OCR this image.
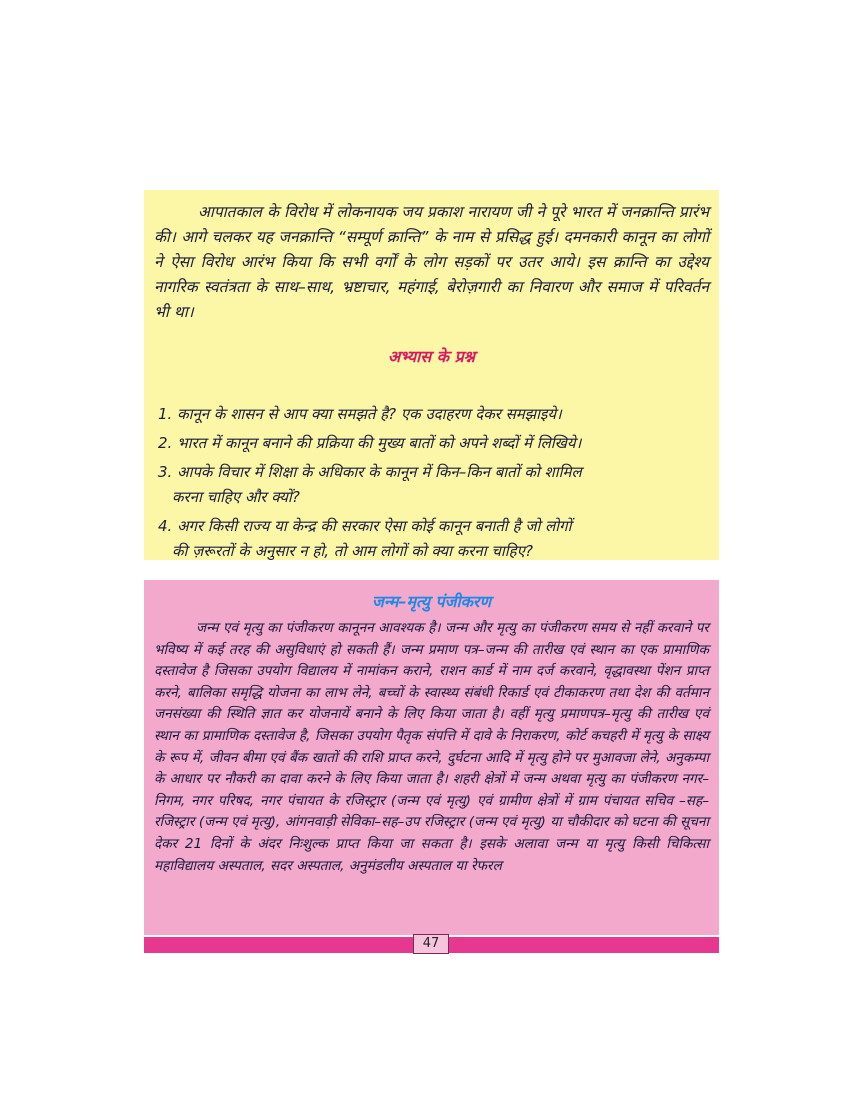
आपातकाल के विरोध में लोकनायक जय प्रकाश नारायण जी ने पूरे भारत में जनक्रान्ति प्रारंभ की। आगे चलकर यह जनक्रान्ति “सम्पूर्ण क्रान्ति” के नाम से प्रसिद्ध हुई। दमनकारी कानून का लोगों ने ऐसा विरोध आरंभ किया कि सभी वर्गों के लोग सड़कों पर उतर आये। इस क्रान्ति का उद्देश्य नागरिक स्वतंत्रता के साथ–साथ, भ्रष्टाचार, महंगाई, बेरोज़गारी का निवारण और समाज में परिवर्तन भी था।

अभ्यास के प्रश्न
1. कानून के शासन से आप क्या समझते है? एक उदाहरण देकर समझाइये।
2. भारत में कानून बनाने की प्रक्रिया की मुख्य बातों को अपने शब्दों में लिखिये।
3. आपके विचार में शिक्षा के अधिकार के कानून में किन–किन बातों को शामिल
करना चाहिए और क्यों?
4. अगर किसी राज्य या केन्द्र की सरकार ऐसा कोई कानून बनाती है जो लोगों
की ज़रूरतों के अनुसार न हो, तो आम लोगों को क्या करना चाहिए?
जन्म–मृत्यु पंजीकरण

जन्म एवं मृत्यु का पंजीकरण कानूनन आवश्यक है। जन्म और मृत्यु का पंजीकरण समय से नहीं करवाने पर भविष्य में कई तरह की असुविधाएं हो सकती हैं। जन्म प्रमाण पत्र–जन्म की तारीख एवं स्थान का एक प्रामाणिक दस्तावेज है जिसका उपयोग विद्यालय में नामांकन कराने, राशन कार्ड में नाम दर्ज करवाने, वृद्धावस्था पेंशन प्राप्त करने, बालिका समृद्धि योजना का लाभ लेने, बच्चों के स्वास्थ्य संबंधी रिकार्ड एवं टीकाकरण तथा देश की वर्तमान जनसंख्या की स्थिति ज्ञात कर योजनायें बनाने के लिए किया जाता है। वहीं मृत्यु प्रमाणपत्र–मृत्यु की तारीख एवं स्थान का प्रामाणिक दस्तावेज है, जिसका उपयोग पैतृक संपत्ति में दावे के निराकरण, कोर्ट कचहरी में मृत्यु के साक्ष्य के रूप में, जीवन बीमा एवं बैंक खातों की राशि प्राप्त करने, दुर्घटना आदि में मृत्यु होने पर मुआवजा लेने, अनुकम्पा के आधार पर नौकरी का दावा करने के लिए किया जाता है। शहरी क्षेत्रों में जन्म अथवा मृत्यु का पंजीकरण नगर–निगम, नगर परिषद, नगर पंचायत के रजिस्ट्रार (जन्म एवं मृत्यु) एवं ग्रामीण क्षेत्रों में ग्राम पंचायत सचिव –सह– रजिस्ट्रार (जन्म एवं मृत्यु), आंगनवाड़ी सेविका–सह–उप रजिस्ट्रार (जन्म एवं मृत्यु) या चौकीदार को घटना की सूचना देकर 21 दिनों के अंदर निःशुल्क प्राप्त किया जा सकता है। इसके अलावा जन्म या मृत्यु किसी चिकित्सा महाविद्यालय अस्पताल, सदर अस्पताल, अनुमंडलीय अस्पताल या रेफरल

47
